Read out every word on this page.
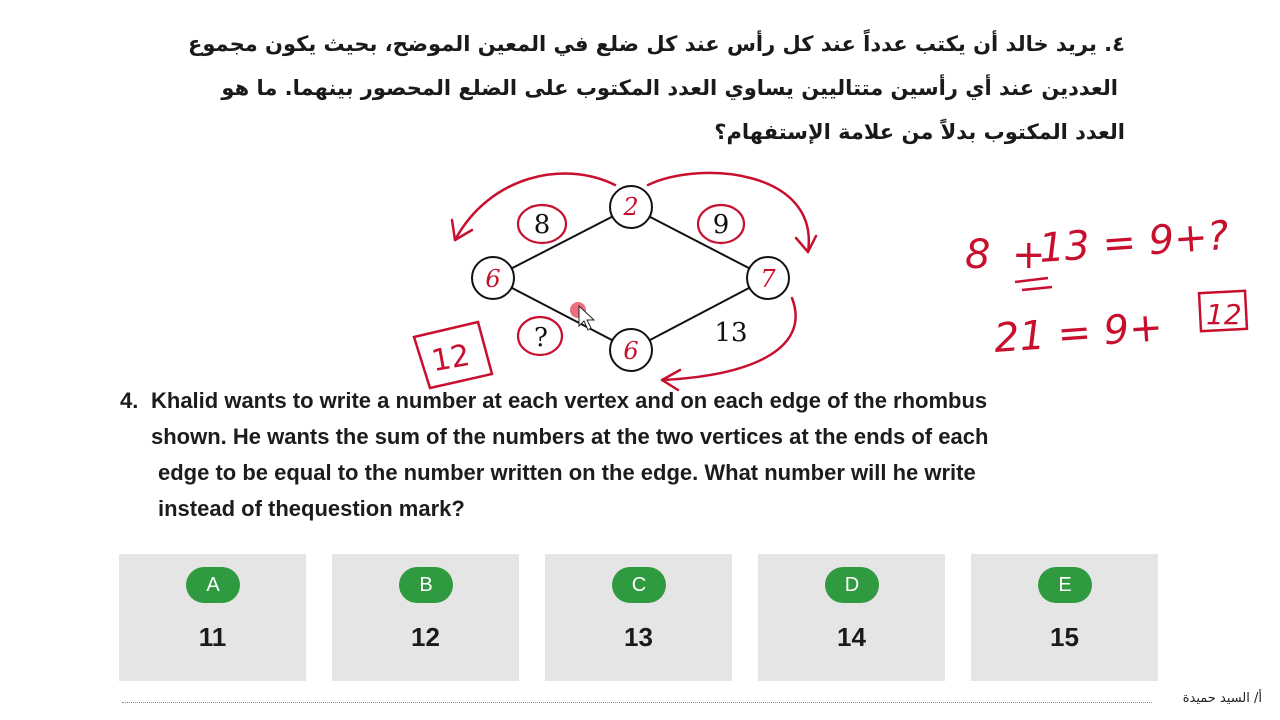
٤. يريد خالد أن يكتب عدداً عند كل رأس عند كل ضلع في المعين الموضح، بحيث يكون مجموع
العددين عند أي رأسين متتاليين يساوي العدد المكتوب على الضلع المحصور بينهما. ما هو
العدد المكتوب بدلاً من علامة الإستفهام؟
2
6	7
6
8	9
?	13
12
8 +
13 = 9+?
21 = 9+ 12
4. Khalid wants to write a number at each vertex and on each edge of the rhombus
shown. He wants the sum of the numbers at the two vertices at the ends of each
edge to be equal to the number written on the edge. What number will he write
instead of thequestion mark?
A
11
B
12
C
13
D
14
E
15
أ/ السيد حميدة
